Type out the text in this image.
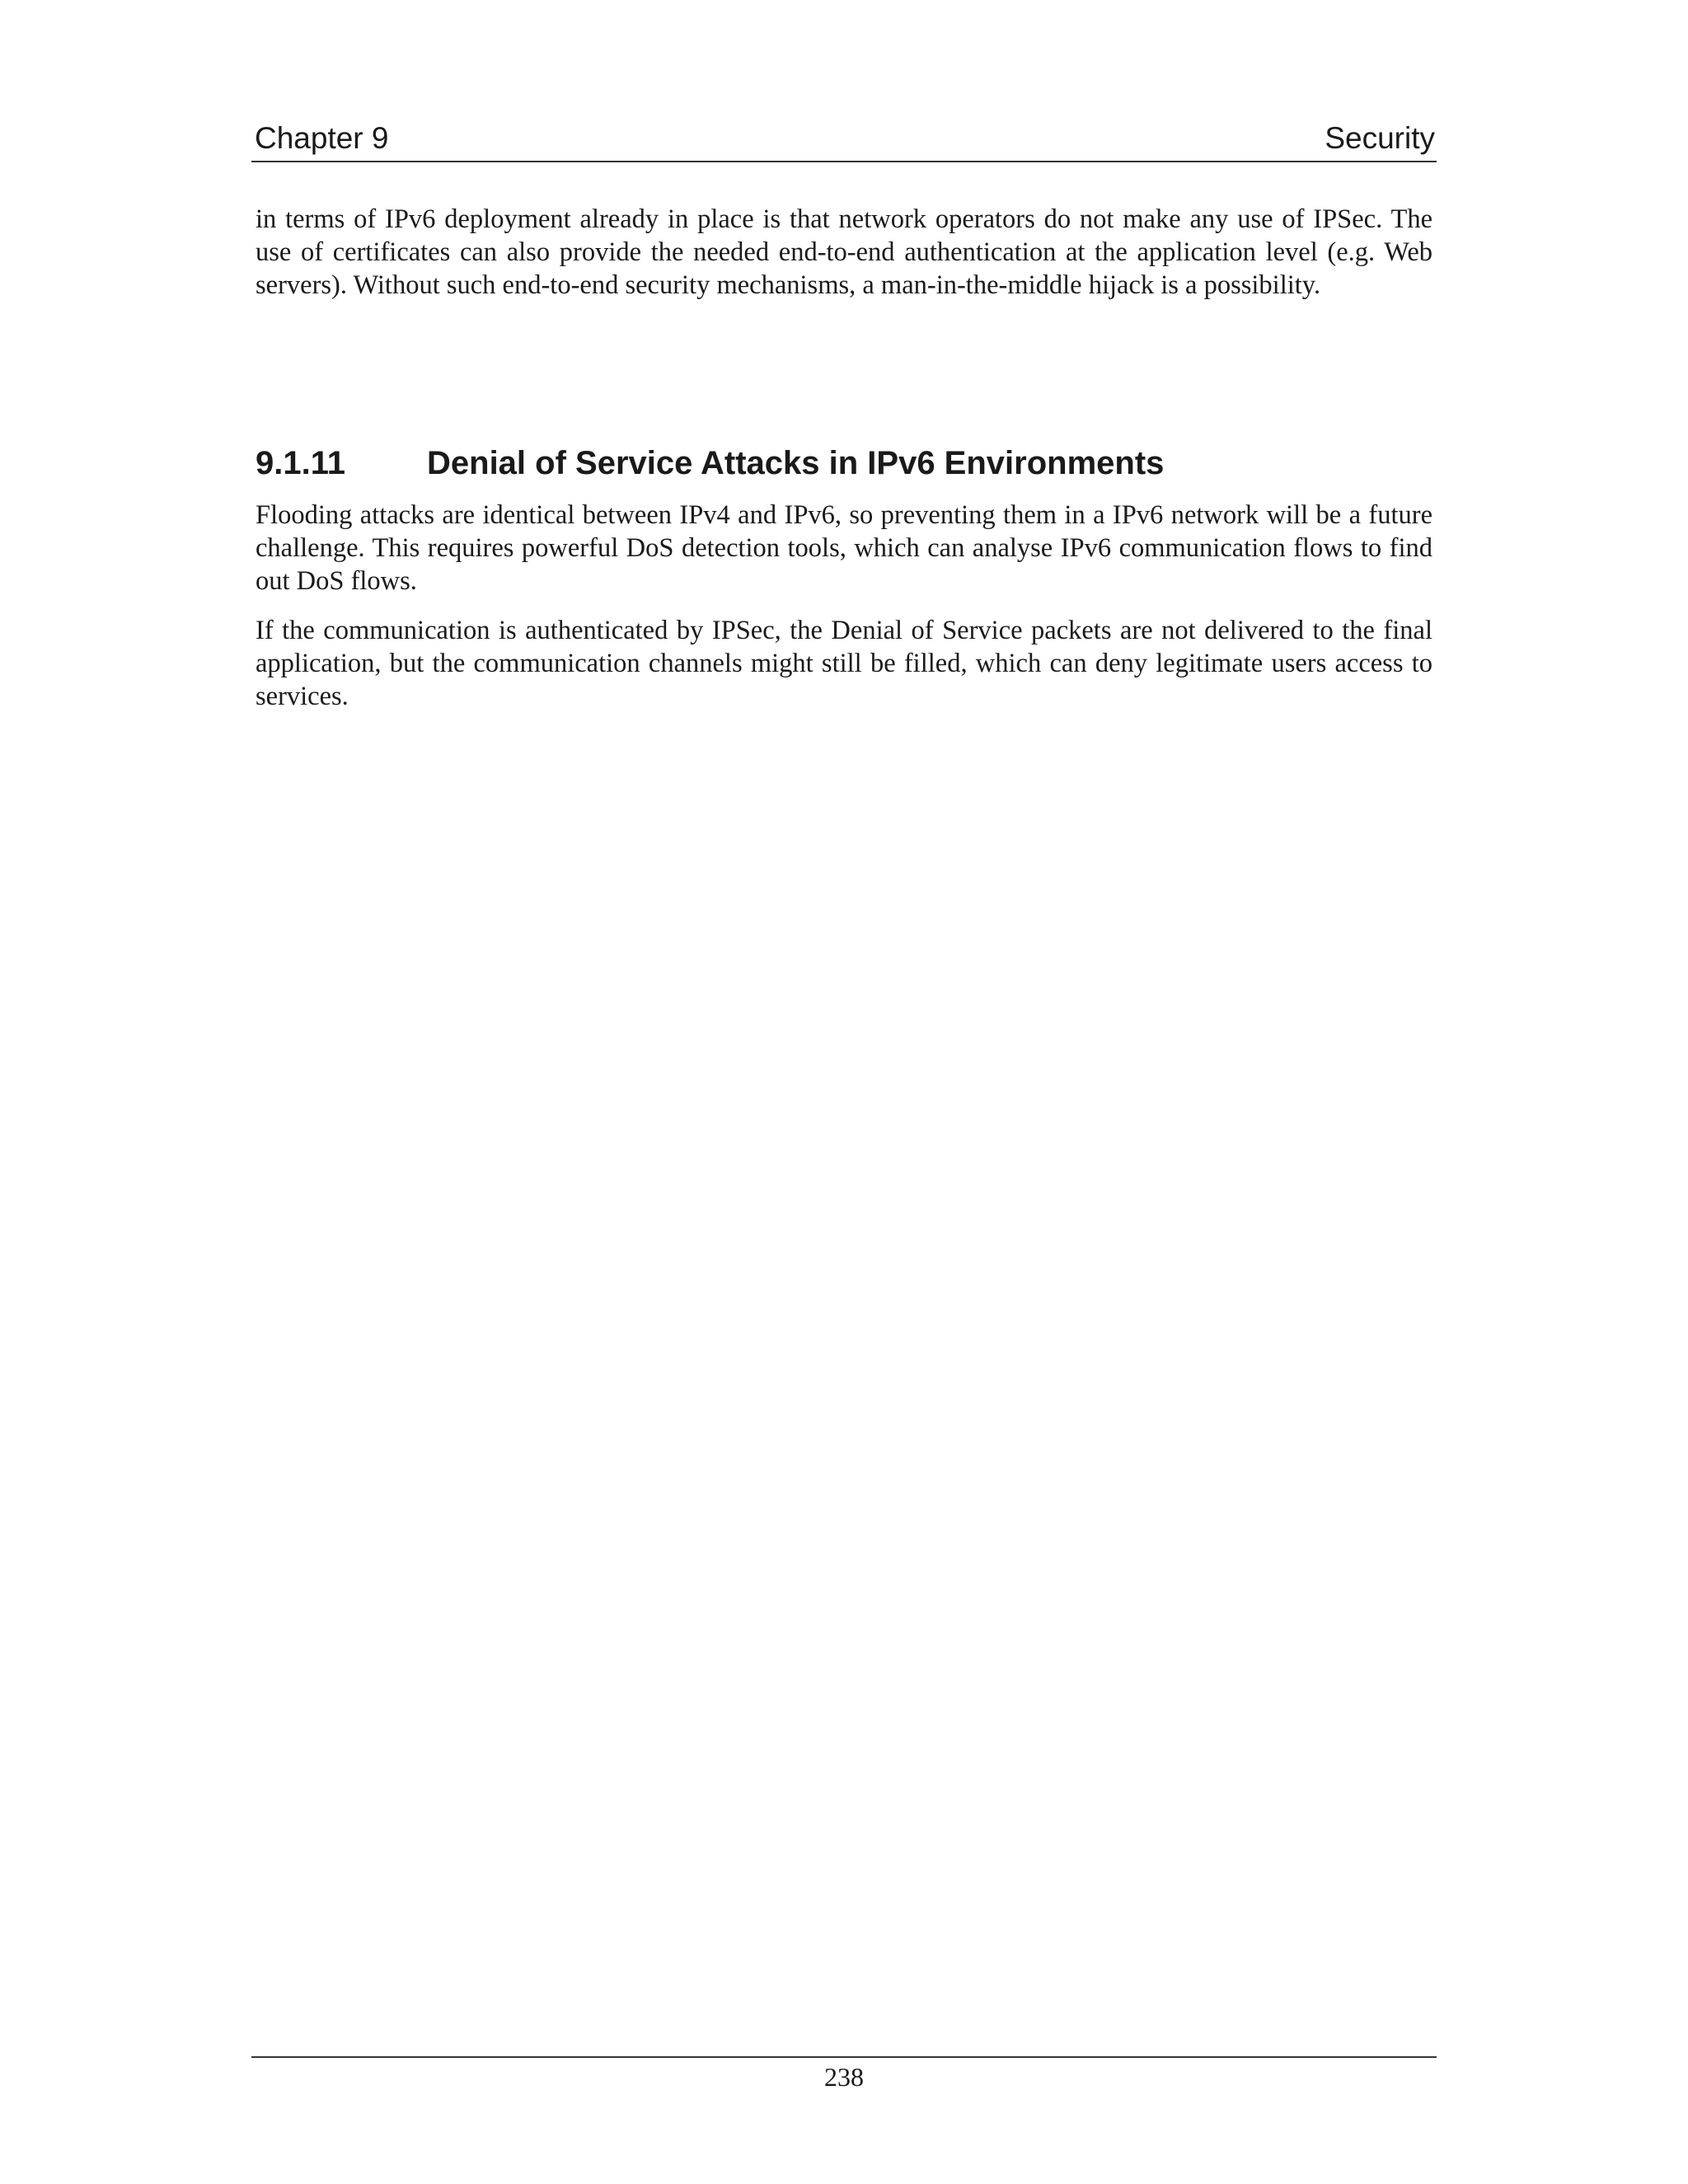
Chapter 9	Security

in terms of IPv6 deployment already in place is that network operators do not make any use of IPSec. The use of certificates can also provide the needed end-to-end authentication at the application level (e.g. Web servers). Without such end-to-end security mechanisms, a man-in-the-middle hijack is a possibility.

9.1.11 Denial of Service Attacks in IPv6 Environments

Flooding attacks are identical between IPv4 and IPv6, so preventing them in a IPv6 network will be a future challenge. This requires powerful DoS detection tools, which can analyse IPv6 communication flows to find out DoS flows.

If the communication is authenticated by IPSec, the Denial of Service packets are not delivered to the final application, but the communication channels might still be filled, which can deny legitimate users access to services.

238
